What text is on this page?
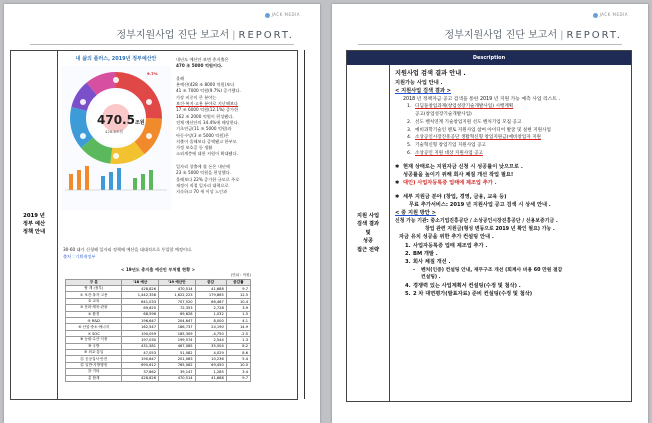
JACK MEDIA
정부지원사업 진단 보고서 | REPORT.
2019 년
정부 예산
정책 안내
내 삶의 플러스, 2019년 정부예산안
470.5조원
428.8조원
9.7%
내년도 예산안 보면 총지출은
470 조 5000 억원이다.

올해
본예산(428 조 8000 억원)보다
41 조 7000 억원(9.7%) 증가했다.
가장 비중이 큰 분야는
보건·복지·고용 분야로 지난해보다
17 조 6000 억원(12.1%) 증가한
162 조 2000 억원이 편성됐다.
전체 예산안의 34.4%에 해당한다.
기초연금(11 조 5000 억원)과
아동수당(3 조 5000 억원)은
지출이 올해보다 증액됐고 한부모
가정 보호증 등 생활
소외계층에 대한 지원이 확대됐다.

일자리 창출에 쓸 돈은 내년에
23 조 5000 억원을 편성했다.
올해보다 22% 증가한 규모로 주로
재정이 직접 일자리 대책으로
지속하고 70 세 이상 노인과
30-60 대가 신청해 일자리 정책에 예산을 대대적으로 투입할 예정이다.
출처 : 기획재정부
< 19년도 총지출 예산안 부처별 현황 >
(단위 : 억원)
구 분	'18 예산	'19 예산안	증감	증감률
합 계 (정부)	428,826	470,514	41,688	9.7
① 보건·복지·고용	1,442,358	1,622,223	179,865	12.5
② 교육	641,033	707,520	66,487	10.4
③ 문화·체육·관광	69,625	72,353	2,728	3.9
④ 환경	68,596	69,628	1,032	1.5
⑤ R&D	196,647	204,647	8,000	4.1
⑥ 산업·중소·에너지	162,547	186,737	24,190	14.9
⑦ SOC	190,059	185,309	-4,750	-2.5
⑧ 농림·수산·식품	197,030	199,574	2,544	1.3
⑨ 국방	431,581	467,085	35,504	8.2
⑩ 외교·통일	47,053	51,082	4,029	8.6
⑪ 공공질서·안전	190,847	201,083	10,236	5.4
⑫ 일반·지방행정	695,612	765,062	69,450	10.0
⑬ 기타	37,862	39,147	1,285	3.4
총 합계	428,826	470,514	41,688	9.7
JACK MEDIA
정부지원사업 진단 보고서 | REPORT.
Description
지원 사업
검색 결과
및
성공
접근 전략
지원사업 검색 결과 안내 .
지원가능 사업 안내 .
< 지원사업 검색 결과 >
2018 년 정책자금 공고 검색을 통한 2019 년 지원 가능 예측 사업 리스트 .
1. 디딤돌창업과제(창업성장기술개발사업) 시행계획
공고(창업성장기술개발사업)
2. 선도 벤처연계 기술창업지원 선도 벤처기업 모집 공고
3. 예비과학기술인 멘토 지원사업 참여 아이디어 발굴 및 실현 지원사업
4. 소상공인시장진흥공단 생활혁신형 창업지원금(예비창업자 지원
5. 기술혁신형 창업기업 지원사업 공고
6. 소상공인 지원 대상 지원사업 공고
✱ 현재 상태로는 지원자금 신청 시 성공률이 낮으므로 .
성공률을 높이기 위해 회사 체질 개선 작업 필요!
✱ 대인) 사업자등록증 업태에 제조업 추가 .
✱ 세부 지원금 분야 (창업, 경영, 금융, 교육 등)
무료 추가서비스: 2019 년 지원사업 공고 검색 시 상세 안내 .
< 중 지원 방안 >
신청 가능 기관: 중소기업진흥공단 / 소상공인시장진흥공단 / 신용보증기금 .
창업 관련 지원금(형성 변동으로 2019 년 확인 필요) 가능 .
자금 유치 성공을 위한 추가 컨설팅 안내 .
1. 사업자등록증 업태 제조업 추가 .
2. BM 개발 .
3. 회사 체질 개선 .
- 벤처(인증) 컨설팅 안내, 재무구조 개선 (회계사 비용 60 만원 절감
컨설팅) .
4. 경쟁력 있는 사업계획서 컨설팅(수정 및 첨삭) .
5. 2 차 대면평가(발표자료) 준비 컨설팅(수정 및 첨삭)
